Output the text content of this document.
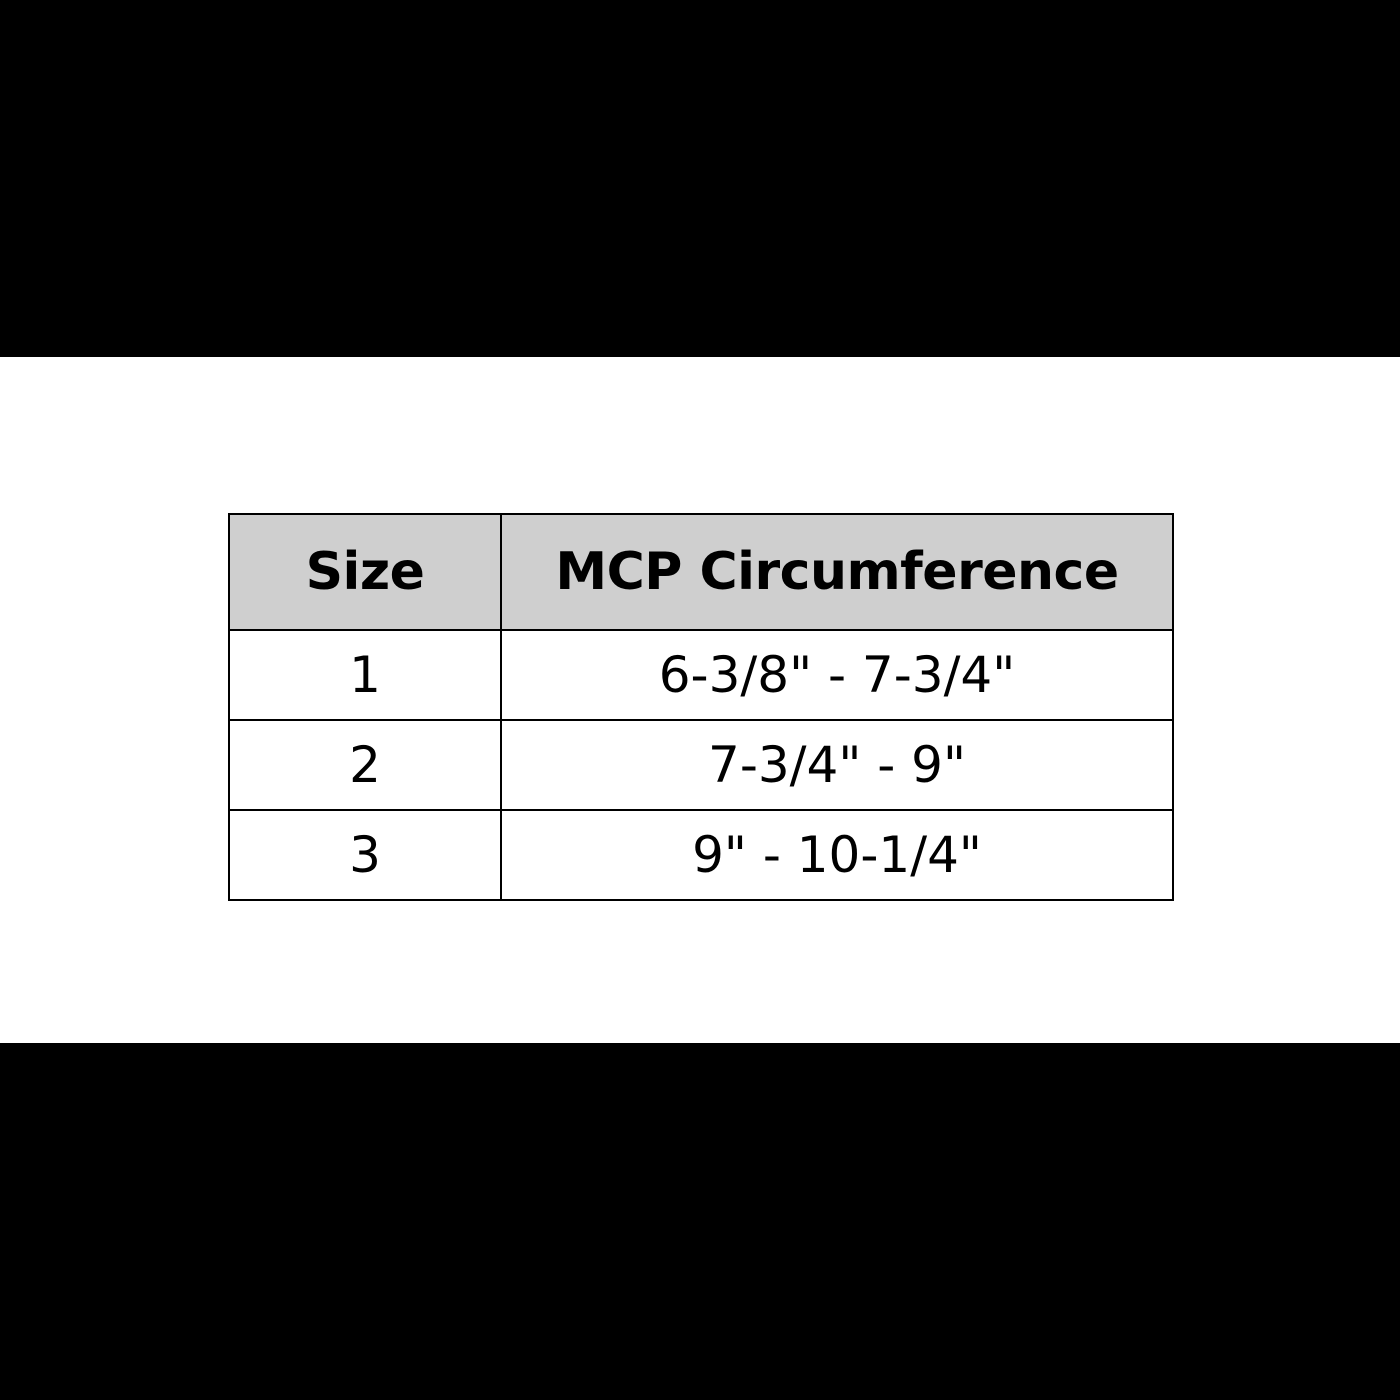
Size	MCP Circumference
1	6-3/8" - 7-3/4"
2	7-3/4" - 9"
3	9" - 10-1/4"
